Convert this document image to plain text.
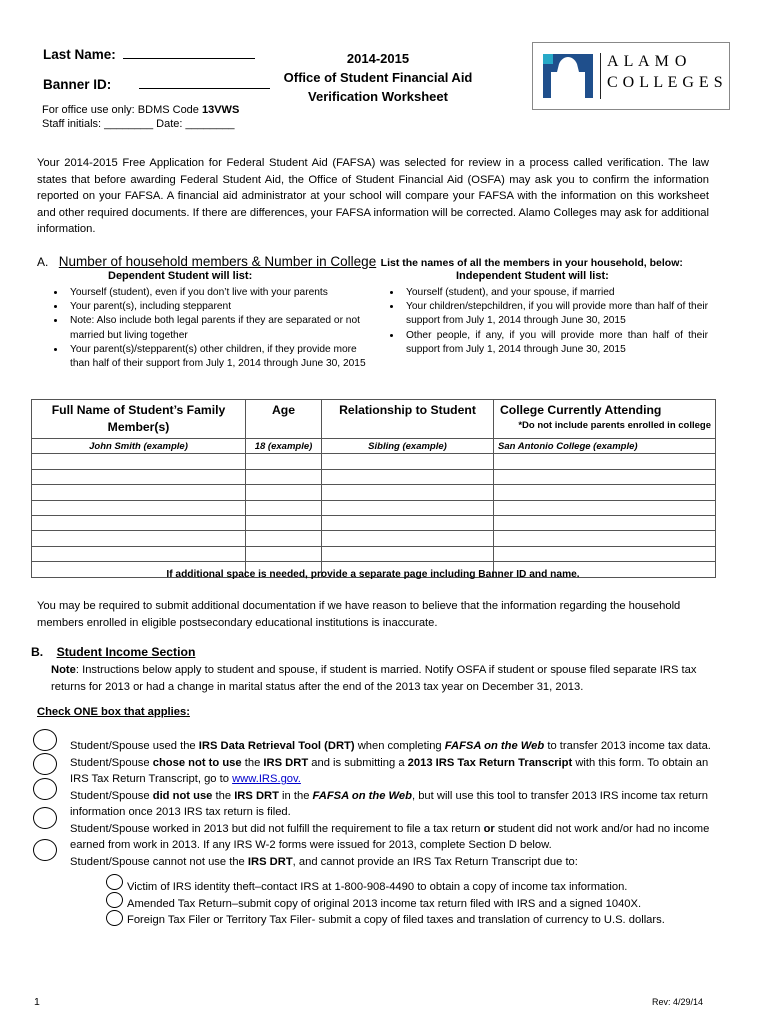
Last Name:
Banner ID:
For office use only: BDMS Code 13VWS
Staff initials: ________ Date: ________
2014-2015
Office of Student Financial Aid
Verification Worksheet
A L A M O
C O L L E G E S
Your 2014-2015 Free Application for Federal Student Aid (FAFSA) was selected for review in a process called verification. The law states that before awarding Federal Student Aid, the Office of Student Financial Aid (OSFA) may ask you to confirm the information reported on your FAFSA. A financial aid administrator at your school will compare your FAFSA with the information on this worksheet and other required documents. If there are differences, your FAFSA information will be corrected. Alamo Colleges may ask for additional information.
A. Number of household members & Number in College List the names of all the members in your household, below:
Dependent Student will list:	Independent Student will list:
• Yourself (student), even if you don’t live with your parents
• Your parent(s), including stepparent
• Note: Also include both legal parents if they are separated or not married but living together
• Your parent(s)/stepparent(s) other children, if they provide more than half of their support from July 1, 2014 through June 30, 2015
• Yourself (student), and your spouse, if married
• Your children/stepchildren, if you will provide more than half of their support from July 1, 2014 through June 30, 2015
• Other people, if any, if you will provide more than half of their support from July 1, 2014 through June 30, 2015
Full Name of Student’s Family Member(s)	Age	Relationship to Student	College Currently Attending
*Do not include parents enrolled in college

John Smith (example)	18 (example)	Sibling (example)	San Antonio College (example)

If additional space is needed, provide a separate page including Banner ID and name.
You may be required to submit additional documentation if we have reason to believe that the information regarding the household members enrolled in eligible postsecondary educational institutions is inaccurate.
B. Student Income Section
Note: Instructions below apply to student and spouse, if student is married. Notify OSFA if student or spouse filed separate IRS tax returns for 2013 or had a change in marital status after the end of the 2013 tax year on December 31, 2013.
Check ONE box that applies:
Student/Spouse used the IRS Data Retrieval Tool (DRT) when completing FAFSA on the Web to transfer 2013 income tax data.
Student/Spouse chose not to use the IRS DRT and is submitting a 2013 IRS Tax Return Transcript with this form. To obtain an IRS Tax Return Transcript, go to www.IRS.gov.
Student/Spouse did not use the IRS DRT in the FAFSA on the Web, but will use this tool to transfer 2013 IRS income tax return information once 2013 IRS tax return is filed.
Student/Spouse worked in 2013 but did not fulfill the requirement to file a tax return or student did not work and/or had no income earned from work in 2013. If any IRS W-2 forms were issued for 2013, complete Section D below.
Student/Spouse cannot not use the IRS DRT, and cannot provide an IRS Tax Return Transcript due to:
Victim of IRS identity theft–contact IRS at 1-800-908-4490 to obtain a copy of income tax information.
Amended Tax Return–submit copy of original 2013 income tax return filed with IRS and a signed 1040X.
Foreign Tax Filer or Territory Tax Filer- submit a copy of filed taxes and translation of currency to U.S. dollars.
1	Rev: 4/29/14
